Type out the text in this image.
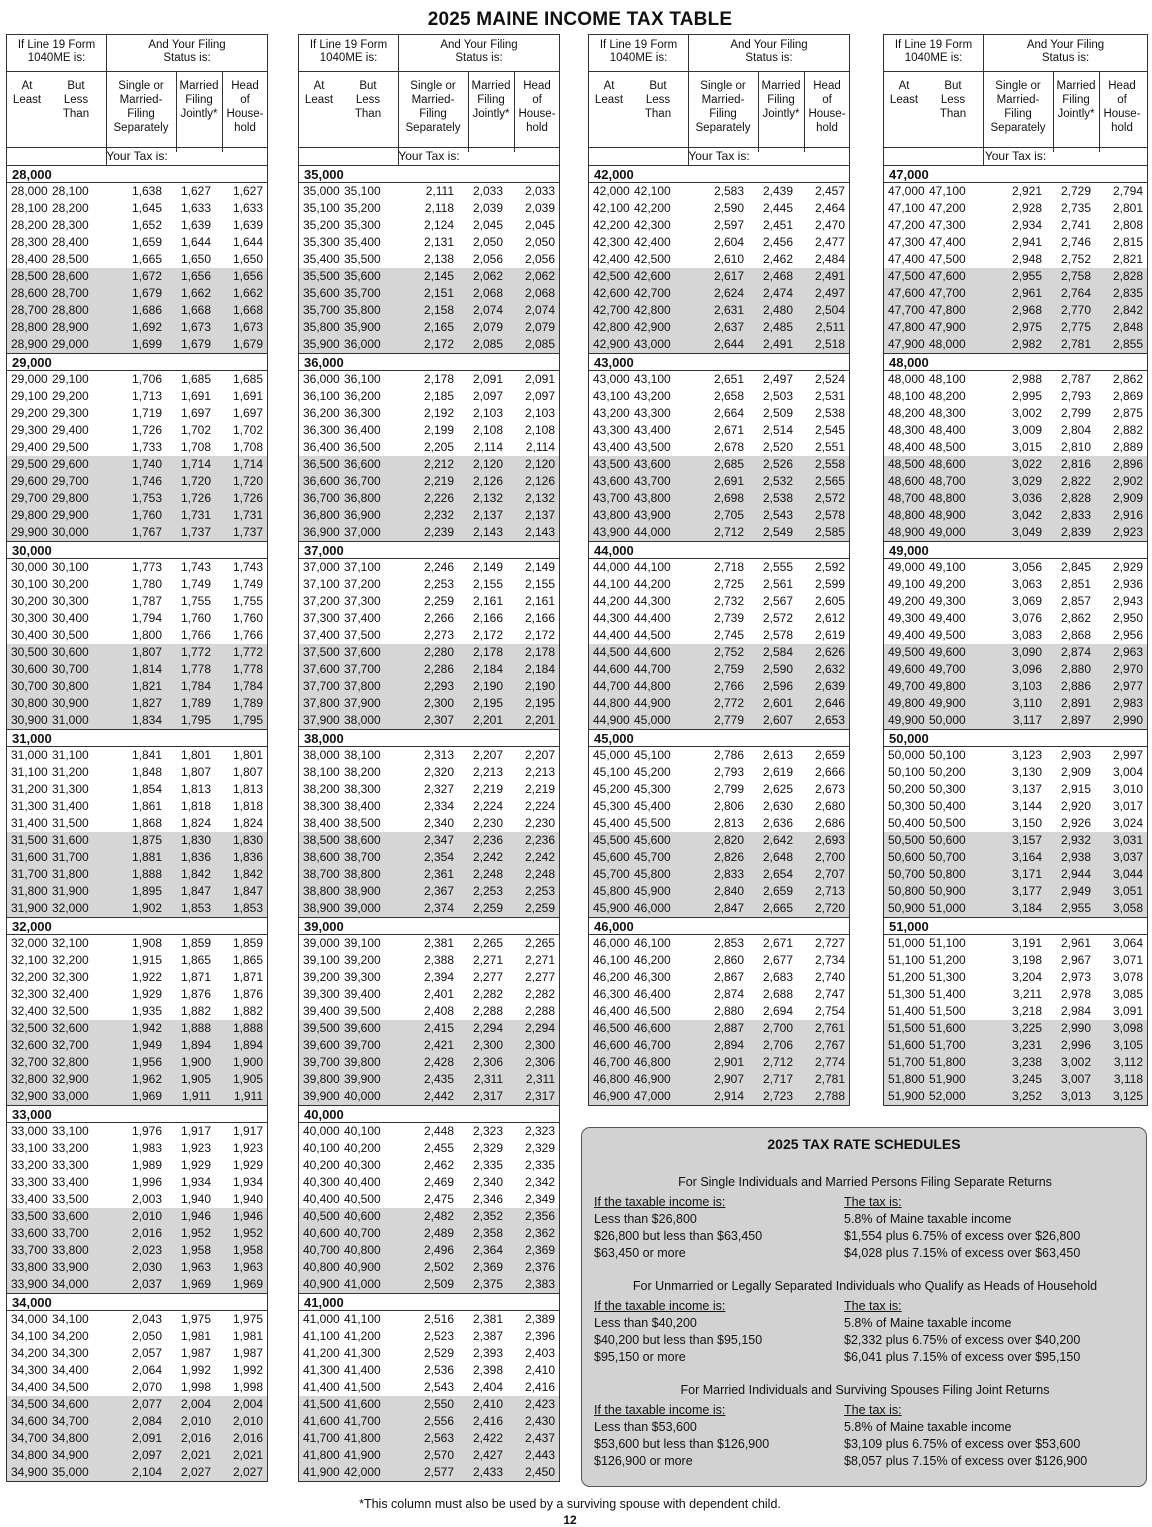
2025 MAINE INCOME TAX TABLE
If Line 19 Form
1040ME is:
At
Least
But
Less
Than
And Your Filing
Status is:
Single or
Married-
Filing
Separately
Married
Filing
Jointly*
Head
of
House-
hold
Your Tax is:
28,000
28,000 28,100	1,638 1,627 1,627
28,100 28,200	1,645 1,633 1,633
28,200 28,300	1,652 1,639 1,639
28,300 28,400	1,659 1,644 1,644
28,400 28,500	1,665 1,650 1,650
28,500 28,600	1,672 1,656 1,656
28,600 28,700	1,679 1,662 1,662
28,700 28,800	1,686 1,668 1,668
28,800 28,900	1,692 1,673 1,673
28,900 29,000	1,699 1,679 1,679
29,000
29,000 29,100	1,706 1,685 1,685
29,100 29,200	1,713 1,691 1,691
29,200 29,300	1,719 1,697 1,697
29,300 29,400	1,726 1,702 1,702
29,400 29,500	1,733 1,708 1,708
29,500 29,600	1,740 1,714 1,714
29,600 29,700	1,746 1,720 1,720
29,700 29,800	1,753 1,726 1,726
29,800 29,900	1,760 1,731 1,731
29,900 30,000	1,767 1,737 1,737
30,000
30,000 30,100	1,773 1,743 1,743
30,100 30,200	1,780 1,749 1,749
30,200 30,300	1,787 1,755 1,755
30,300 30,400	1,794 1,760 1,760
30,400 30,500	1,800 1,766 1,766
30,500 30,600	1,807 1,772 1,772
30,600 30,700	1,814 1,778 1,778
30,700 30,800	1,821 1,784 1,784
30,800 30,900	1,827 1,789 1,789
30,900 31,000	1,834 1,795 1,795
31,000
31,000 31,100	1,841 1,801 1,801
31,100 31,200	1,848 1,807 1,807
31,200 31,300	1,854 1,813 1,813
31,300 31,400	1,861 1,818 1,818
31,400 31,500	1,868 1,824 1,824
31,500 31,600	1,875 1,830 1,830
31,600 31,700	1,881 1,836 1,836
31,700 31,800	1,888 1,842 1,842
31,800 31,900	1,895 1,847 1,847
31,900 32,000	1,902 1,853 1,853
32,000
32,000 32,100	1,908 1,859 1,859
32,100 32,200	1,915 1,865 1,865
32,200 32,300	1,922 1,871 1,871
32,300 32,400	1,929 1,876 1,876
32,400 32,500	1,935 1,882 1,882
32,500 32,600	1,942 1,888 1,888
32,600 32,700	1,949 1,894 1,894
32,700 32,800	1,956 1,900 1,900
32,800 32,900	1,962 1,905 1,905
32,900 33,000	1,969 1,911 1,911
33,000
33,000 33,100	1,976 1,917 1,917
33,100 33,200	1,983 1,923 1,923
33,200 33,300	1,989 1,929 1,929
33,300 33,400	1,996 1,934 1,934
33,400 33,500	2,003 1,940 1,940
33,500 33,600	2,010 1,946 1,946
33,600 33,700	2,016 1,952 1,952
33,700 33,800	2,023 1,958 1,958
33,800 33,900	2,030 1,963 1,963
33,900 34,000	2,037 1,969 1,969
34,000
34,000 34,100	2,043 1,975 1,975
34,100 34,200	2,050 1,981 1,981
34,200 34,300	2,057 1,987 1,987
34,300 34,400	2,064 1,992 1,992
34,400 34,500	2,070 1,998 1,998
34,500 34,600	2,077 2,004 2,004
34,600 34,700	2,084 2,010 2,010
34,700 34,800	2,091 2,016 2,016
34,800 34,900	2,097 2,021 2,021
34,900 35,000	2,104 2,027 2,027
If Line 19 Form
1040ME is:
At
Least
But
Less
Than
And Your Filing
Status is:
Single or
Married-
Filing
Separately
Married
Filing
Jointly*
Head
of
House-
hold
Your Tax is:
35,000
35,000 35,100	2,111 2,033 2,033
35,100 35,200	2,118 2,039 2,039
35,200 35,300	2,124 2,045 2,045
35,300 35,400	2,131 2,050 2,050
35,400 35,500	2,138 2,056 2,056
35,500 35,600	2,145 2,062 2,062
35,600 35,700	2,151 2,068 2,068
35,700 35,800	2,158 2,074 2,074
35,800 35,900	2,165 2,079 2,079
35,900 36,000	2,172 2,085 2,085
36,000
36,000 36,100	2,178 2,091 2,091
36,100 36,200	2,185 2,097 2,097
36,200 36,300	2,192 2,103 2,103
36,300 36,400	2,199 2,108 2,108
36,400 36,500	2,205 2,114 2,114
36,500 36,600	2,212 2,120 2,120
36,600 36,700	2,219 2,126 2,126
36,700 36,800	2,226 2,132 2,132
36,800 36,900	2,232 2,137 2,137
36,900 37,000	2,239 2,143 2,143
37,000
37,000 37,100	2,246 2,149 2,149
37,100 37,200	2,253 2,155 2,155
37,200 37,300	2,259 2,161 2,161
37,300 37,400	2,266 2,166 2,166
37,400 37,500	2,273 2,172 2,172
37,500 37,600	2,280 2,178 2,178
37,600 37,700	2,286 2,184 2,184
37,700 37,800	2,293 2,190 2,190
37,800 37,900	2,300 2,195 2,195
37,900 38,000	2,307 2,201 2,201
38,000
38,000 38,100	2,313 2,207 2,207
38,100 38,200	2,320 2,213 2,213
38,200 38,300	2,327 2,219 2,219
38,300 38,400	2,334 2,224 2,224
38,400 38,500	2,340 2,230 2,230
38,500 38,600	2,347 2,236 2,236
38,600 38,700	2,354 2,242 2,242
38,700 38,800	2,361 2,248 2,248
38,800 38,900	2,367 2,253 2,253
38,900 39,000	2,374 2,259 2,259
39,000
39,000 39,100	2,381 2,265 2,265
39,100 39,200	2,388 2,271 2,271
39,200 39,300	2,394 2,277 2,277
39,300 39,400	2,401 2,282 2,282
39,400 39,500	2,408 2,288 2,288
39,500 39,600	2,415 2,294 2,294
39,600 39,700	2,421 2,300 2,300
39,700 39,800	2,428 2,306 2,306
39,800 39,900	2,435 2,311 2,311
39,900 40,000	2,442 2,317 2,317
40,000
40,000 40,100	2,448 2,323 2,323
40,100 40,200	2,455 2,329 2,329
40,200 40,300	2,462 2,335 2,335
40,300 40,400	2,469 2,340 2,342
40,400 40,500	2,475 2,346 2,349
40,500 40,600	2,482 2,352 2,356
40,600 40,700	2,489 2,358 2,362
40,700 40,800	2,496 2,364 2,369
40,800 40,900	2,502 2,369 2,376
40,900 41,000	2,509 2,375 2,383
41,000
41,000 41,100	2,516 2,381 2,389
41,100 41,200	2,523 2,387 2,396
41,200 41,300	2,529 2,393 2,403
41,300 41,400	2,536 2,398 2,410
41,400 41,500	2,543 2,404 2,416
41,500 41,600	2,550 2,410 2,423
41,600 41,700	2,556 2,416 2,430
41,700 41,800	2,563 2,422 2,437
41,800 41,900	2,570 2,427 2,443
41,900 42,000	2,577 2,433 2,450
If Line 19 Form
1040ME is:
At
Least
But
Less
Than
And Your Filing
Status is:
Single or
Married-
Filing
Separately
Married
Filing
Jointly*
Head
of
House-
hold
Your Tax is:
42,000
42,000 42,100	2,583 2,439 2,457
42,100 42,200	2,590 2,445 2,464
42,200 42,300	2,597 2,451 2,470
42,300 42,400	2,604 2,456 2,477
42,400 42,500	2,610 2,462 2,484
42,500 42,600	2,617 2,468 2,491
42,600 42,700	2,624 2,474 2,497
42,700 42,800	2,631 2,480 2,504
42,800 42,900	2,637 2,485 2,511
42,900 43,000	2,644 2,491 2,518
43,000
43,000 43,100	2,651 2,497 2,524
43,100 43,200	2,658 2,503 2,531
43,200 43,300	2,664 2,509 2,538
43,300 43,400	2,671 2,514 2,545
43,400 43,500	2,678 2,520 2,551
43,500 43,600	2,685 2,526 2,558
43,600 43,700	2,691 2,532 2,565
43,700 43,800	2,698 2,538 2,572
43,800 43,900	2,705 2,543 2,578
43,900 44,000	2,712 2,549 2,585
44,000
44,000 44,100	2,718 2,555 2,592
44,100 44,200	2,725 2,561 2,599
44,200 44,300	2,732 2,567 2,605
44,300 44,400	2,739 2,572 2,612
44,400 44,500	2,745 2,578 2,619
44,500 44,600	2,752 2,584 2,626
44,600 44,700	2,759 2,590 2,632
44,700 44,800	2,766 2,596 2,639
44,800 44,900	2,772 2,601 2,646
44,900 45,000	2,779 2,607 2,653
45,000
45,000 45,100	2,786 2,613 2,659
45,100 45,200	2,793 2,619 2,666
45,200 45,300	2,799 2,625 2,673
45,300 45,400	2,806 2,630 2,680
45,400 45,500	2,813 2,636 2,686
45,500 45,600	2,820 2,642 2,693
45,600 45,700	2,826 2,648 2,700
45,700 45,800	2,833 2,654 2,707
45,800 45,900	2,840 2,659 2,713
45,900 46,000	2,847 2,665 2,720
46,000
46,000 46,100	2,853 2,671 2,727
46,100 46,200	2,860 2,677 2,734
46,200 46,300	2,867 2,683 2,740
46,300 46,400	2,874 2,688 2,747
46,400 46,500	2,880 2,694 2,754
46,500 46,600	2,887 2,700 2,761
46,600 46,700	2,894 2,706 2,767
46,700 46,800	2,901 2,712 2,774
46,800 46,900	2,907 2,717 2,781
46,900 47,000	2,914 2,723 2,788
If Line 19 Form
1040ME is:
At
Least
But
Less
Than
And Your Filing
Status is:
Single or
Married-
Filing
Separately
Married
Filing
Jointly*
Head
of
House-
hold
Your Tax is:
47,000
47,000 47,100	2,921 2,729 2,794
47,100 47,200	2,928 2,735 2,801
47,200 47,300	2,934 2,741 2,808
47,300 47,400	2,941 2,746 2,815
47,400 47,500	2,948 2,752 2,821
47,500 47,600	2,955 2,758 2,828
47,600 47,700	2,961 2,764 2,835
47,700 47,800	2,968 2,770 2,842
47,800 47,900	2,975 2,775 2,848
47,900 48,000	2,982 2,781 2,855
48,000
48,000 48,100	2,988 2,787 2,862
48,100 48,200	2,995 2,793 2,869
48,200 48,300	3,002 2,799 2,875
48,300 48,400	3,009 2,804 2,882
48,400 48,500	3,015 2,810 2,889
48,500 48,600	3,022 2,816 2,896
48,600 48,700	3,029 2,822 2,902
48,700 48,800	3,036 2,828 2,909
48,800 48,900	3,042 2,833 2,916
48,900 49,000	3,049 2,839 2,923
49,000
49,000 49,100	3,056 2,845 2,929
49,100 49,200	3,063 2,851 2,936
49,200 49,300	3,069 2,857 2,943
49,300 49,400	3,076 2,862 2,950
49,400 49,500	3,083 2,868 2,956
49,500 49,600	3,090 2,874 2,963
49,600 49,700	3,096 2,880 2,970
49,700 49,800	3,103 2,886 2,977
49,800 49,900	3,110 2,891 2,983
49,900 50,000	3,117 2,897 2,990
50,000
50,000 50,100	3,123 2,903 2,997
50,100 50,200	3,130 2,909 3,004
50,200 50,300	3,137 2,915 3,010
50,300 50,400	3,144 2,920 3,017
50,400 50,500	3,150 2,926 3,024
50,500 50,600	3,157 2,932 3,031
50,600 50,700	3,164 2,938 3,037
50,700 50,800	3,171 2,944 3,044
50,800 50,900	3,177 2,949 3,051
50,900 51,000	3,184 2,955 3,058
51,000
51,000 51,100	3,191 2,961 3,064
51,100 51,200	3,198 2,967 3,071
51,200 51,300	3,204 2,973 3,078
51,300 51,400	3,211 2,978 3,085
51,400 51,500	3,218 2,984 3,091
51,500 51,600	3,225 2,990 3,098
51,600 51,700	3,231 2,996 3,105
51,700 51,800	3,238 3,002 3,112
51,800 51,900	3,245 3,007 3,118
51,900 52,000	3,252 3,013 3,125
2025 TAX RATE SCHEDULES
For Single Individuals and Married Persons Filing Separate Returns
If the taxable income is:	The tax is:
Less than $26,800	5.8% of Maine taxable income
$26,800 but less than $63,450	$1,554 plus 6.75% of excess over $26,800
$63,450 or more	$4,028 plus 7.15% of excess over $63,450
For Unmarried or Legally Separated Individuals who Qualify as Heads of Household
If the taxable income is:	The tax is:
Less than $40,200	5.8% of Maine taxable income
$40,200 but less than $95,150	$2,332 plus 6.75% of excess over $40,200
$95,150 or more	$6,041 plus 7.15% of excess over $95,150
For Married Individuals and Surviving Spouses Filing Joint Returns
If the taxable income is:	The tax is:
Less than $53,600	5.8% of Maine taxable income
$53,600 but less than $126,900	$3,109 plus 6.75% of excess over $53,600
$126,900 or more	$8,057 plus 7.15% of excess over $126,900
*This column must also be used by a surviving spouse with dependent child.
12
